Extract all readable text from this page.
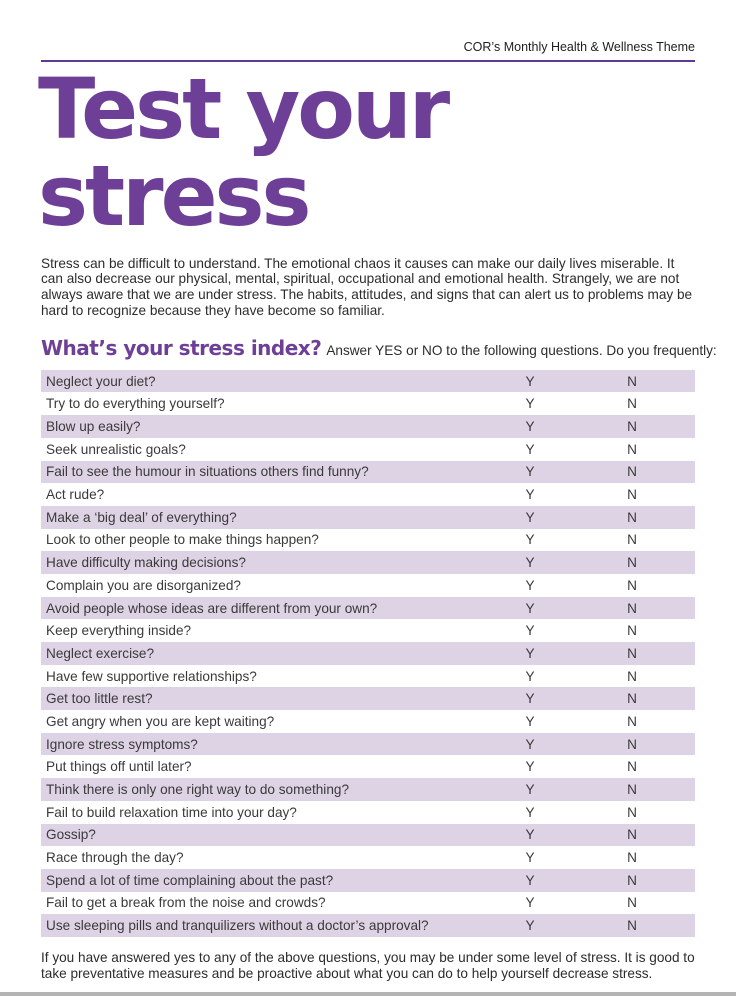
COR’s Monthly Health & Wellness Theme
Test your stress

Stress can be difficult to understand. The emotional chaos it causes can make our daily lives miserable. It can also decrease our physical, mental, spiritual, occupational and emotional health. Strangely, we are not always aware that we are under stress. The habits, attitudes, and signs that can alert us to problems may be hard to recognize because they have become so familiar.

What’s your stress index? Answer YES or NO to the following questions. Do you frequently:
Neglect your diet?	Y	N
Try to do everything yourself?	Y	N
Blow up easily?	Y	N
Seek unrealistic goals?	Y	N
Fail to see the humour in situations others find funny?	Y	N
Act rude?	Y	N
Make a ‘big deal’ of everything?	Y	N
Look to other people to make things happen?	Y	N
Have difficulty making decisions?	Y	N
Complain you are disorganized?	Y	N
Avoid people whose ideas are different from your own?	Y	N
Keep everything inside?	Y	N
Neglect exercise?	Y	N
Have few supportive relationships?	Y	N
Get too little rest?	Y	N
Get angry when you are kept waiting?	Y	N
Ignore stress symptoms?	Y	N
Put things off until later?	Y	N
Think there is only one right way to do something?	Y	N
Fail to build relaxation time into your day?	Y	N
Gossip?	Y	N
Race through the day?	Y	N
Spend a lot of time complaining about the past?	Y	N
Fail to get a break from the noise and crowds?	Y	N
Use sleeping pills and tranquilizers without a doctor’s approval?	Y	N

If you have answered yes to any of the above questions, you may be under some level of stress. It is good to take preventative measures and be proactive about what you can do to help yourself decrease stress.
